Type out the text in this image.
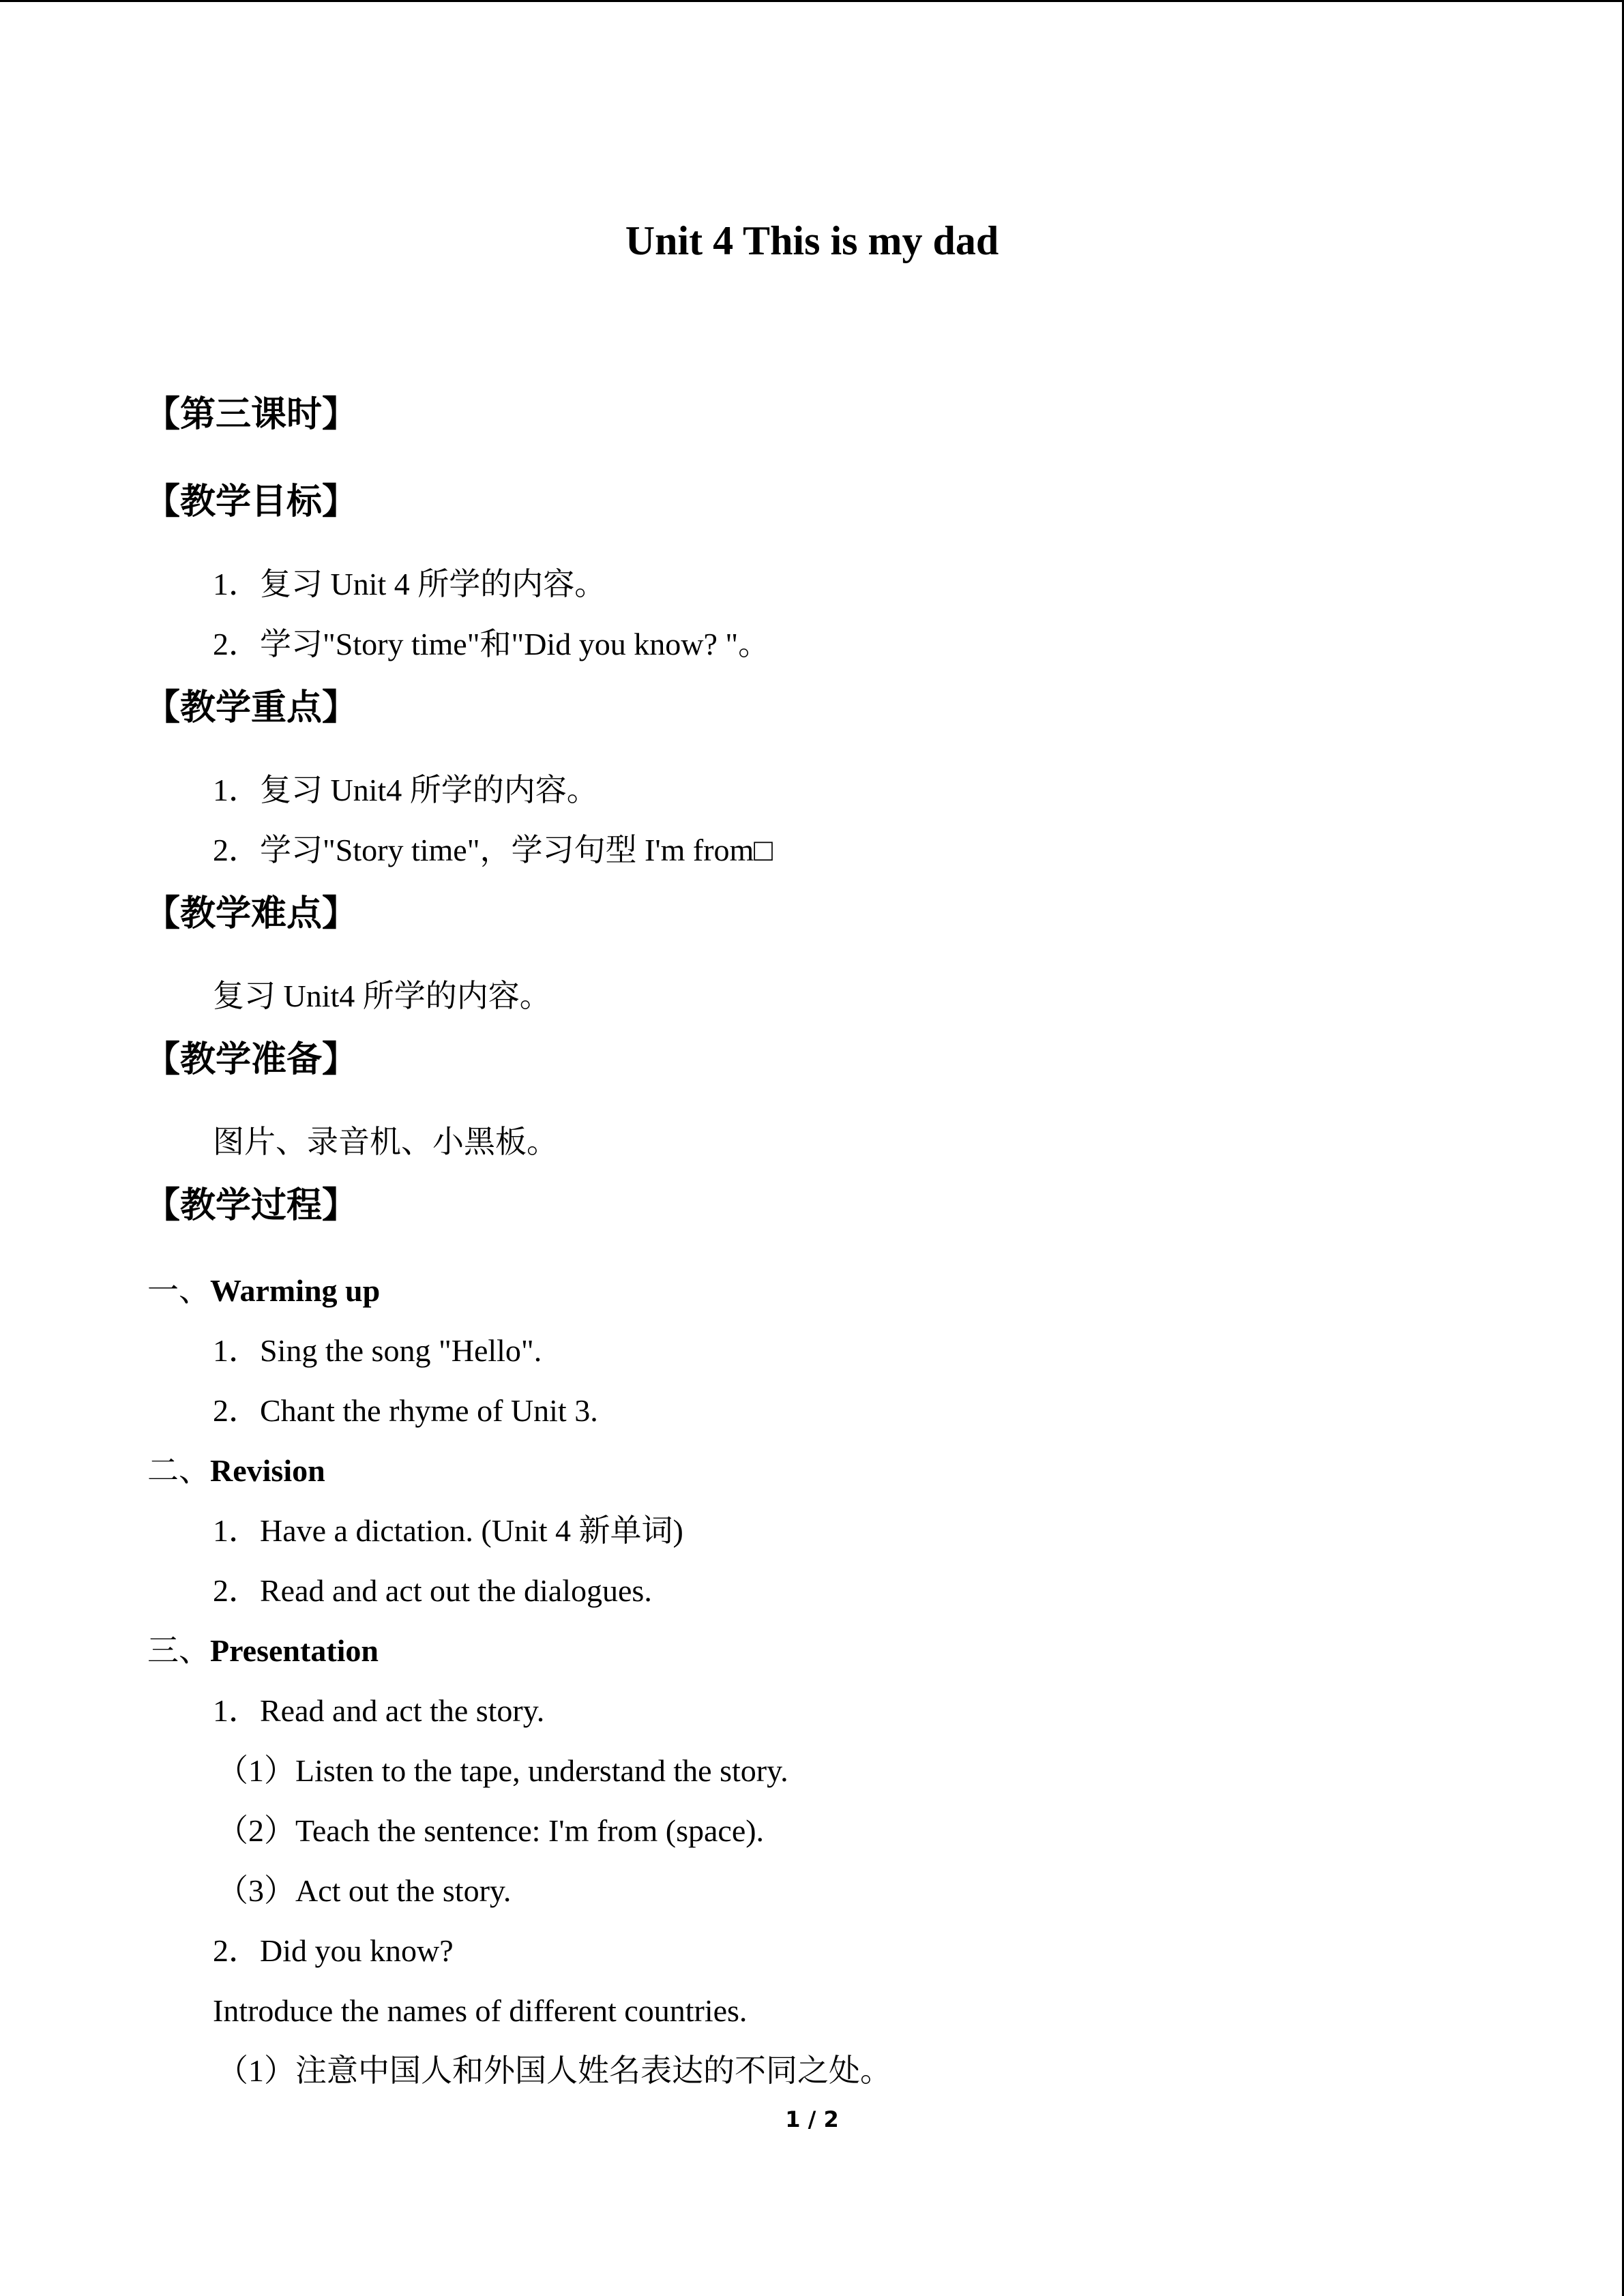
Unit 4 This is my dad
【第三课时】
【教学目标】

1．复习 Unit 4 所学的内容。

2．学习"Story time"和"Did you know? "。

【教学重点】

1．复习 Unit4 所学的内容。

2．学习"Story time"，学习句型 I'm from□

【教学难点】

复习 Unit4 所学的内容。

【教学准备】

图片、录音机、小黑板。

【教学过程】
一、Warming up

1．Sing the song "Hello".

2．Chant the rhyme of Unit 3.

二、Revision

1．Have a dictation. (Unit 4 新单词)

2．Read and act out the dialogues.

三、Presentation

1．Read and act the story.

（1）Listen to the tape, understand the story.

（2）Teach the sentence: I'm from (space).

（3）Act out the story.

2．Did you know?

Introduce the names of different countries.

（1）注意中国人和外国人姓名表达的不同之处。

1 / 2
